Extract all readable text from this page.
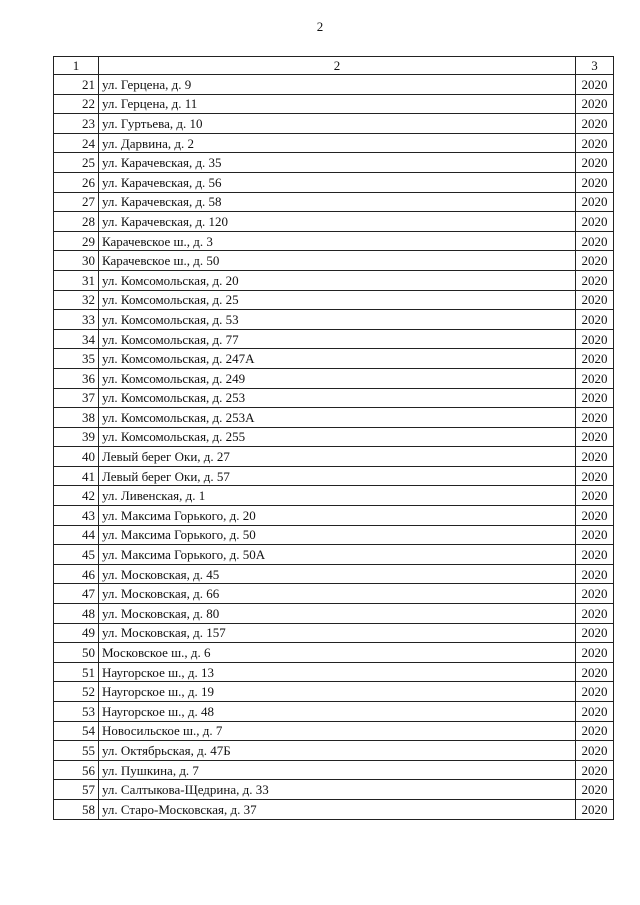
2
1	2	3
21	ул. Герцена, д. 9	2020
22	ул. Герцена, д. 11	2020
23	ул. Гуртьева, д. 10	2020
24	ул. Дарвина, д. 2	2020
25	ул. Карачевская, д. 35	2020
26	ул. Карачевская, д. 56	2020
27	ул. Карачевская, д. 58	2020
28	ул. Карачевская, д. 120	2020
29	Карачевское ш., д. 3	2020
30	Карачевское ш., д. 50	2020
31	ул. Комсомольская, д. 20	2020
32	ул. Комсомольская, д. 25	2020
33	ул. Комсомольская, д. 53	2020
34	ул. Комсомольская, д. 77	2020
35	ул. Комсомольская, д. 247А	2020
36	ул. Комсомольская, д. 249	2020
37	ул. Комсомольская, д. 253	2020
38	ул. Комсомольская, д. 253А	2020
39	ул. Комсомольская, д. 255	2020
40	Левый берег Оки, д. 27	2020
41	Левый берег Оки, д. 57	2020
42	ул. Ливенская, д. 1	2020
43	ул. Максима Горького, д. 20	2020
44	ул. Максима Горького, д. 50	2020
45	ул. Максима Горького, д. 50А	2020
46	ул. Московская, д. 45	2020
47	ул. Московская, д. 66	2020
48	ул. Московская, д. 80	2020
49	ул. Московская, д. 157	2020
50	Московское ш., д. 6	2020
51	Наугорское ш., д. 13	2020
52	Наугорское ш., д. 19	2020
53	Наугорское ш., д. 48	2020
54	Новосильское ш., д. 7	2020
55	ул. Октябрьская, д. 47Б	2020
56	ул. Пушкина, д. 7	2020
57	ул. Салтыкова-Щедрина, д. 33	2020
58	ул. Старо-Московская, д. 37	2020
